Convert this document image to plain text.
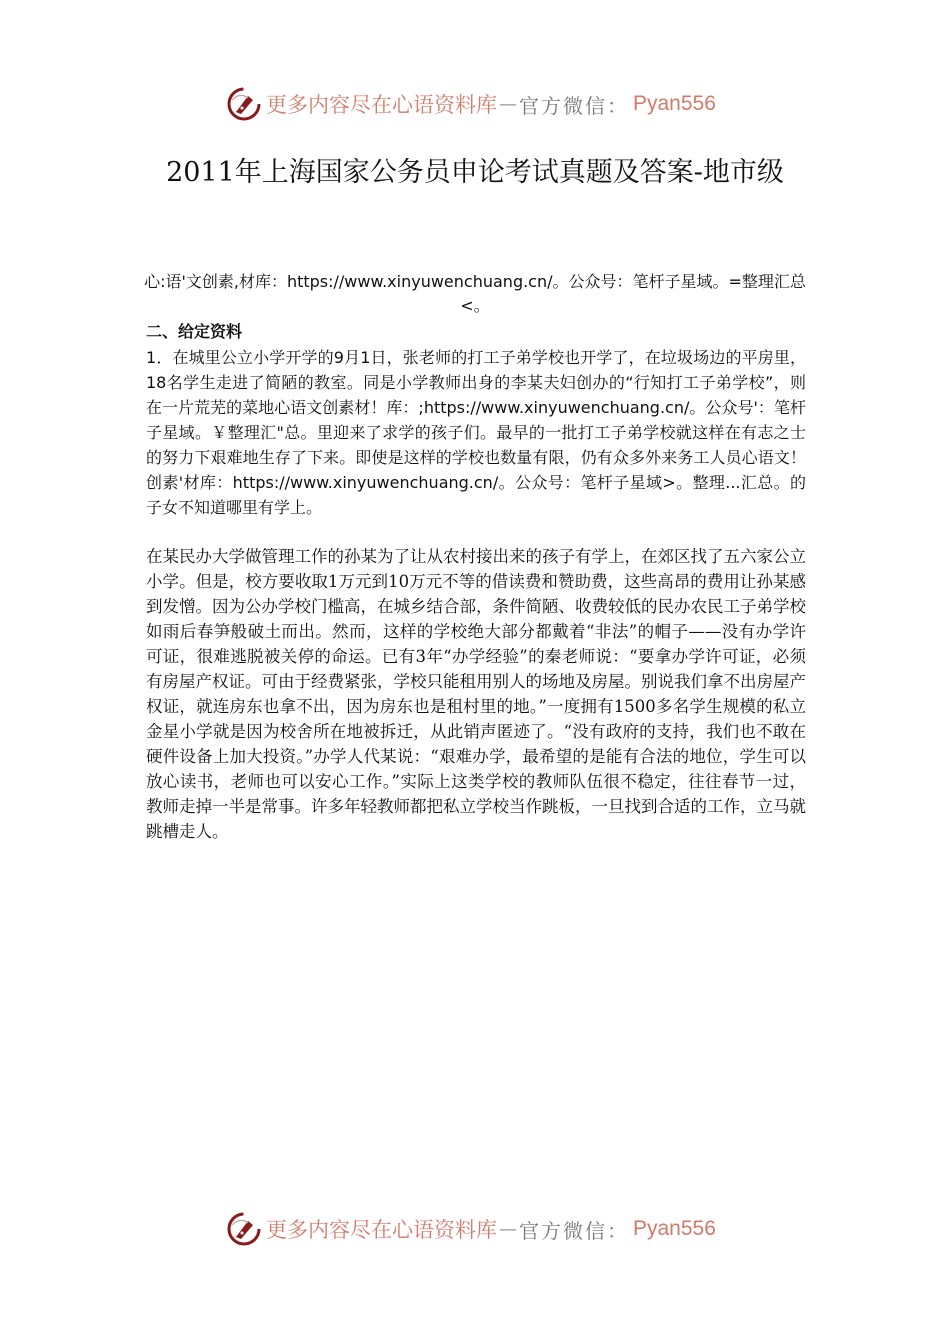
更多内容尽在心语资料库 — 官方微信： Pyan556
2011年上海国家公务员申论考试真题及答案-地市级
心:语'文创素,材库：https://www.xinyuwenchuang.cn/。公众号：笔杆子星域。=整理汇总<。
二、给定资料
1．在城里公立小学开学的9月1日，张老师的打工子弟学校也开学了，在垃圾场边的平房里，18名学生走进了简陋的教室。同是小学教师出身的李某夫妇创办的“行知打工子弟学校”，则在一片荒芜的菜地心语文创素材！库：;https://www.xinyuwenchuang.cn/。公众号'：笔杆子星域。￥整理汇"总。里迎来了求学的孩子们。最早的一批打工子弟学校就这样在有志之士的努力下艰难地生存了下来。即使是这样的学校也数量有限，仍有众多外来务工人员心语文！创素'材库：https://www.xinyuwenchuang.cn/。公众号：笔杆子星域>。整理...汇总。的子女不知道哪里有学上。
在某民办大学做管理工作的孙某为了让从农村接出来的孩子有学上，在郊区找了五六家公立小学。但是，校方要收取1万元到10万元不等的借读费和赞助费，这些高昂的费用让孙某感到发憎。因为公办学校门槛高，在城乡结合部，条件简陋、收费较低的民办农民工子弟学校如雨后春笋般破土而出。然而，这样的学校绝大部分都戴着“非法”的帽子——没有办学许可证，很难逃脱被关停的命运。已有3年“办学经验”的秦老师说：“要拿办学许可证，必须有房屋产权证。可由于经费紧张，学校只能租用别人的场地及房屋。别说我们拿不出房屋产权证，就连房东也拿不出，因为房东也是租村里的地。”一度拥有1500多名学生规模的私立金星小学就是因为校舍所在地被拆迁，从此销声匿迹了。“没有政府的支持，我们也不敢在硬件设备上加大投资。”办学人代某说：“艰难办学，最希望的是能有合法的地位，学生可以放心读书，老师也可以安心工作。”实际上这类学校的教师队伍很不稳定，往往春节一过，教师走掉一半是常事。许多年轻教师都把私立学校当作跳板，一旦找到合适的工作，立马就跳槽走人。
更多内容尽在心语资料库 — 官方微信： Pyan556
